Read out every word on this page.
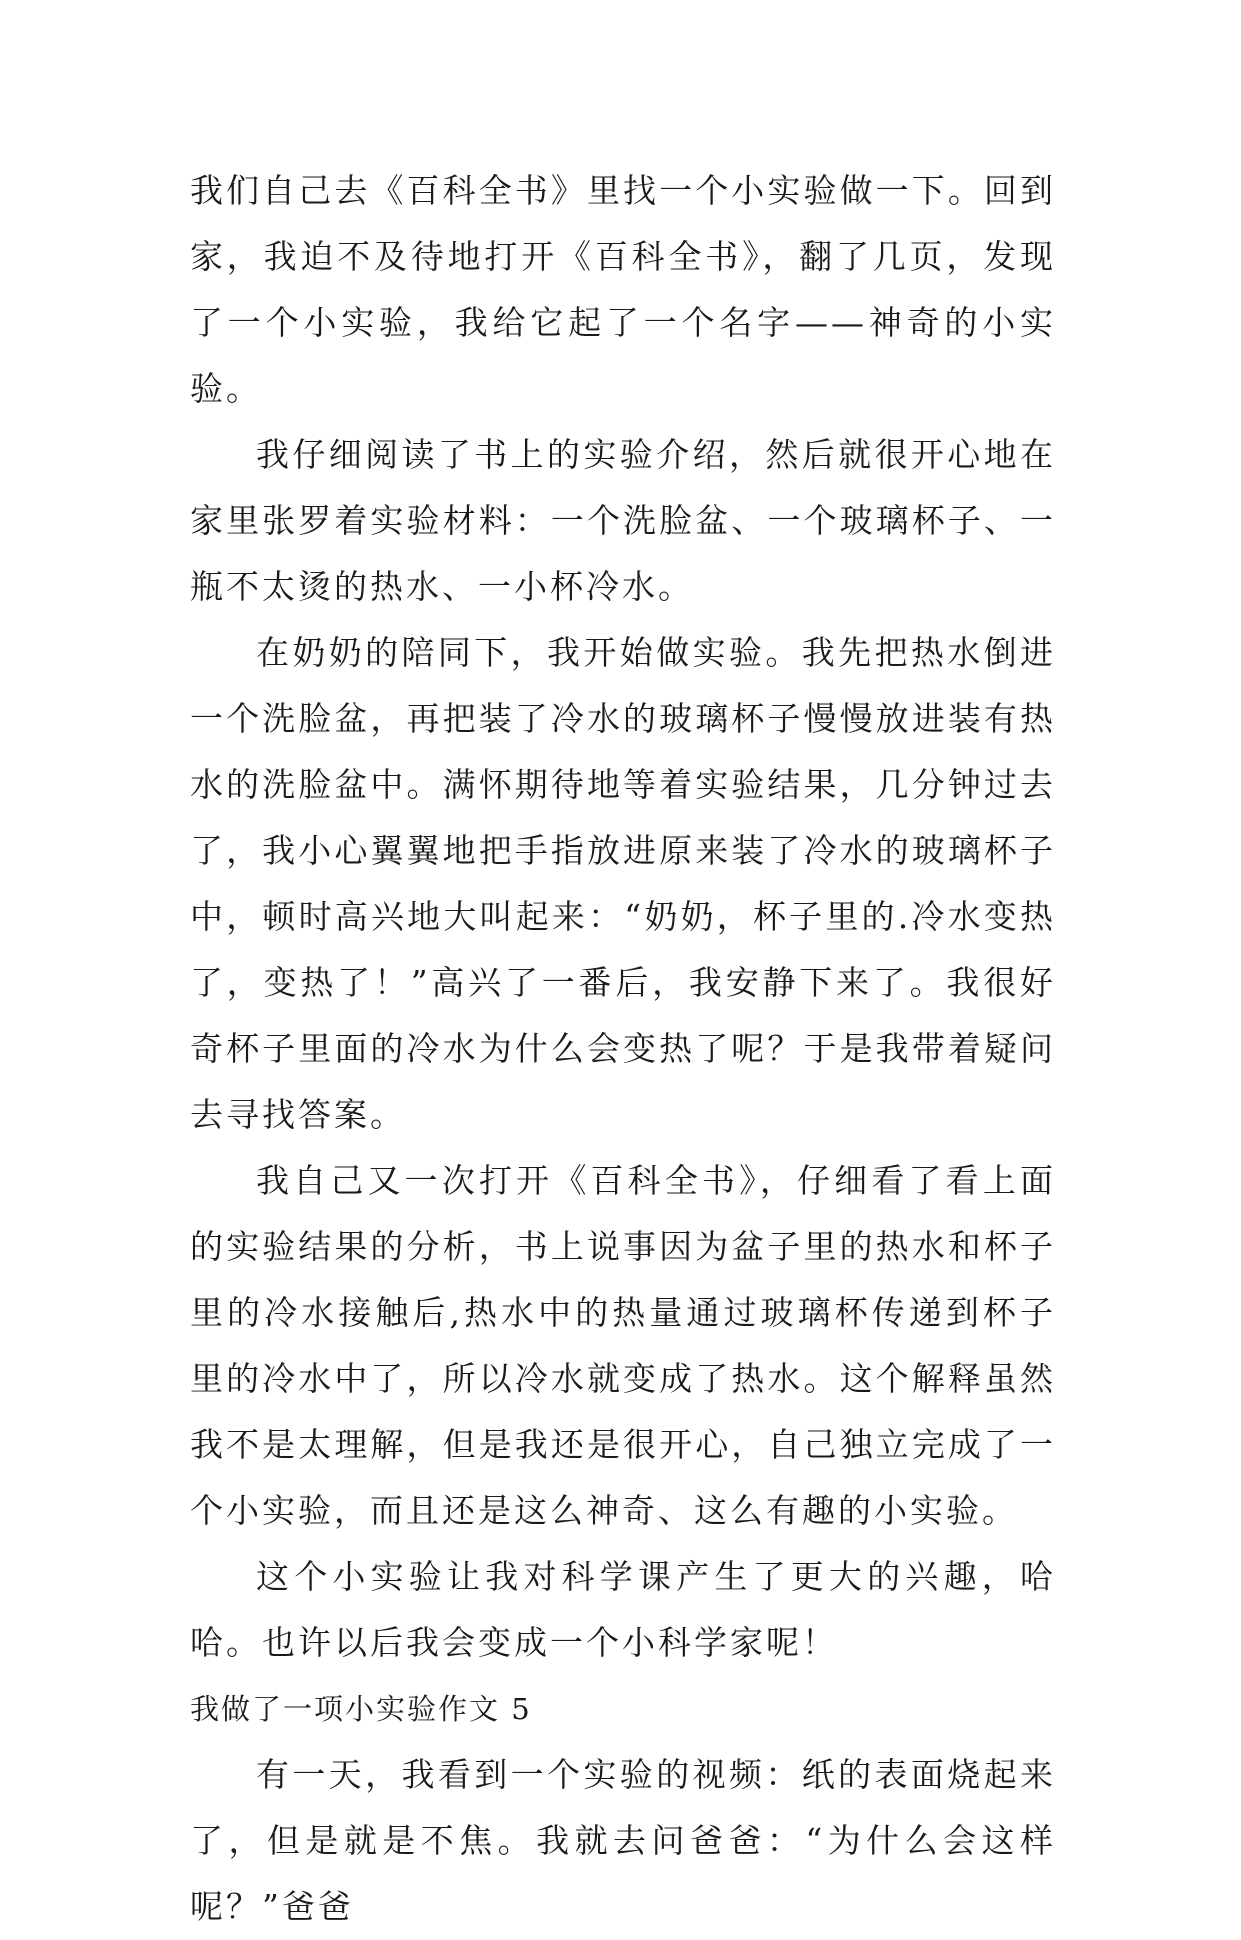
我们自己去《百科全书》里找一个小实验做一下。回到家，我迫不及待地打开《百科全书》，翻了几页，发现了一个小实验，我给它起了一个名字——神奇的小实验。

我仔细阅读了书上的实验介绍，然后就很开心地在家里张罗着实验材料：一个洗脸盆、一个玻璃杯子、一瓶不太烫的热水、一小杯冷水。

在奶奶的陪同下，我开始做实验。我先把热水倒进一个洗脸盆，再把装了冷水的玻璃杯子慢慢放进装有热水的洗脸盆中。满怀期待地等着实验结果，几分钟过去了，我小心翼翼地把手指放进原来装了冷水的玻璃杯子中，顿时高兴地大叫起来：“奶奶，杯子里的.冷水变热了，变热了！”高兴了一番后，我安静下来了。我很好奇杯子里面的冷水为什么会变热了呢？于是我带着疑问去寻找答案。

我自己又一次打开《百科全书》，仔细看了看上面的实验结果的分析，书上说事因为盆子里的热水和杯子里的冷水接触后,热水中的热量通过玻璃杯传递到杯子里的冷水中了，所以冷水就变成了热水。这个解释虽然我不是太理解，但是我还是很开心，自己独立完成了一个小实验，而且还是这么神奇、这么有趣的小实验。

这个小实验让我对科学课产生了更大的兴趣，哈哈。也许以后我会变成一个小科学家呢！

我做了一项小实验作文 5

有一天，我看到一个实验的视频：纸的表面烧起来了，但是就是不焦。我就去问爸爸：“为什么会这样呢？”爸爸
